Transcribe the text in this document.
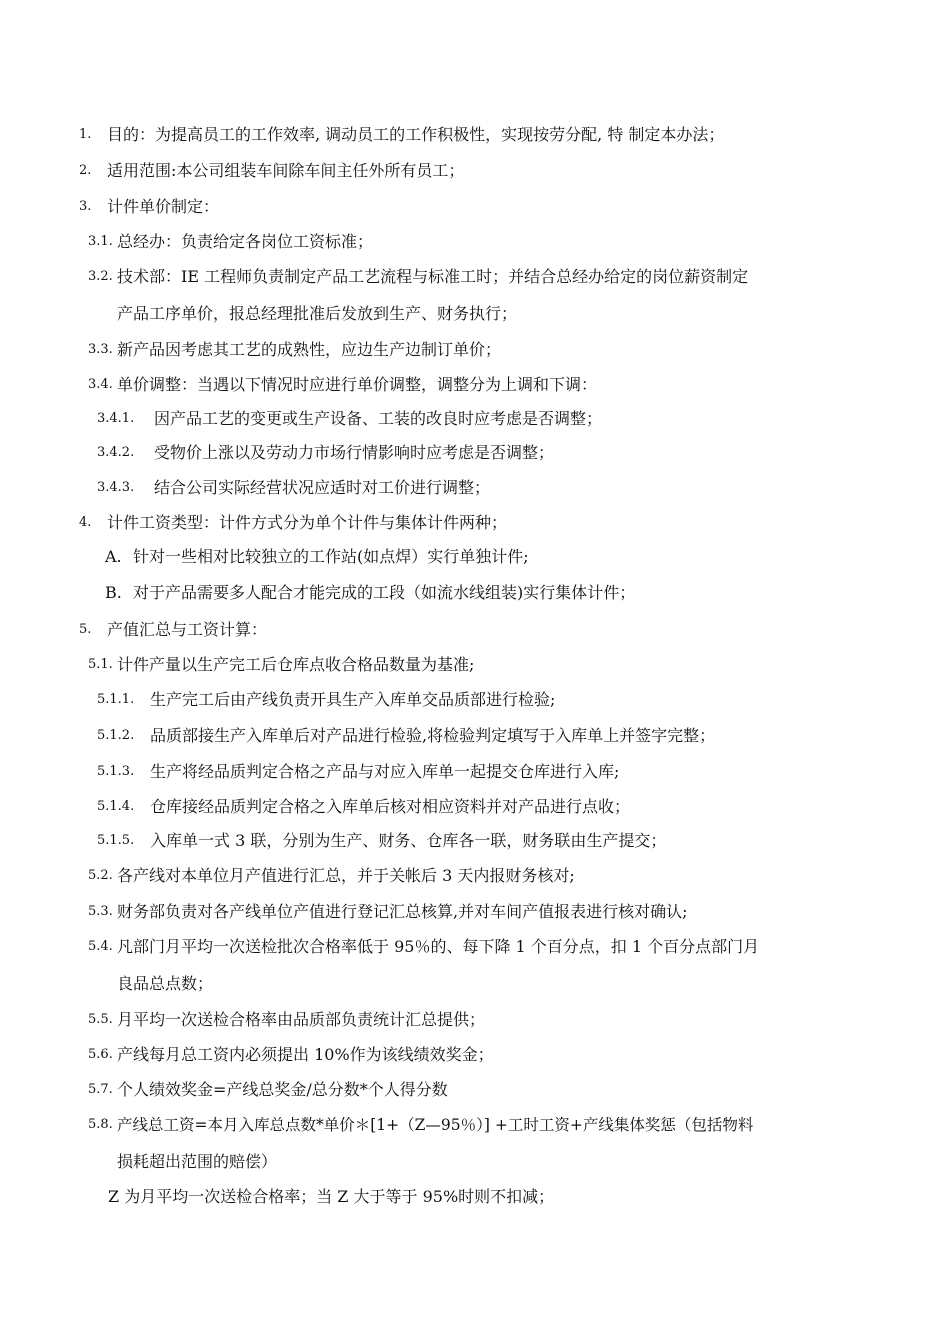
1. 目的：为提高员工的工作效率, 调动员工的工作积极性，实现按劳分配, 特 制定本办法；
2. 适用范围:本公司组装车间除车间主任外所有员工；
3. 计件单价制定：
3.1. 总经办：负责给定各岗位工资标准；
3.2. 技术部：IE 工程师负责制定产品工艺流程与标准工时；并结合总经办给定的岗位薪资制定
产品工序单价，报总经理批准后发放到生产、财务执行；
3.3. 新产品因考虑其工艺的成熟性，应边生产边制订单价；
3.4. 单价调整：当遇以下情况时应进行单价调整，调整分为上调和下调：
3.4.1. 因产品工艺的变更或生产设备、工装的改良时应考虑是否调整；
3.4.2. 受物价上涨以及劳动力市场行情影响时应考虑是否调整；
3.4.3. 结合公司实际经营状况应适时对工价进行调整；
4. 计件工资类型：计件方式分为单个计件与集体计件两种；
A. 针对一些相对比较独立的工作站(如点焊）实行单独计件;
B. 对于产品需要多人配合才能完成的工段（如流水线组装)实行集体计件；
5. 产值汇总与工资计算：
5.1. 计件产量以生产完工后仓库点收合格品数量为基准;
5.1.1. 生产完工后由产线负责开具生产入库单交品质部进行检验;
5.1.2. 品质部接生产入库单后对产品进行检验,将检验判定填写于入库单上并签字完整；
5.1.3. 生产将经品质判定合格之产品与对应入库单一起提交仓库进行入库;
5.1.4. 仓库接经品质判定合格之入库单后核对相应资料并对产品进行点收；
5.1.5. 入库单一式 3 联，分别为生产、财务、仓库各一联，财务联由生产提交；
5.2. 各产线对本单位月产值进行汇总，并于关帐后 3 天内报财务核对;
5.3. 财务部负责对各产线单位产值进行登记汇总核算,并对车间产值报表进行核对确认;
5.4. 凡部门月平均一次送检批次合格率低于 95％的、每下降 1 个百分点，扣 1 个百分点部门月
良品总点数；
5.5. 月平均一次送检合格率由品质部负责统计汇总提供；
5.6. 产线每月总工资内必须提出 10%作为该线绩效奖金；
5.7. 个人绩效奖金=产线总奖金/总分数*个人得分数
5.8. 产线总工资=本月入库总点数*单价＊[1+（Z—95％）] +工时工资+产线集体奖惩（包括物料
损耗超出范围的赔偿）
Z 为月平均一次送检合格率；当 Z 大于等于 95%时则不扣减；
